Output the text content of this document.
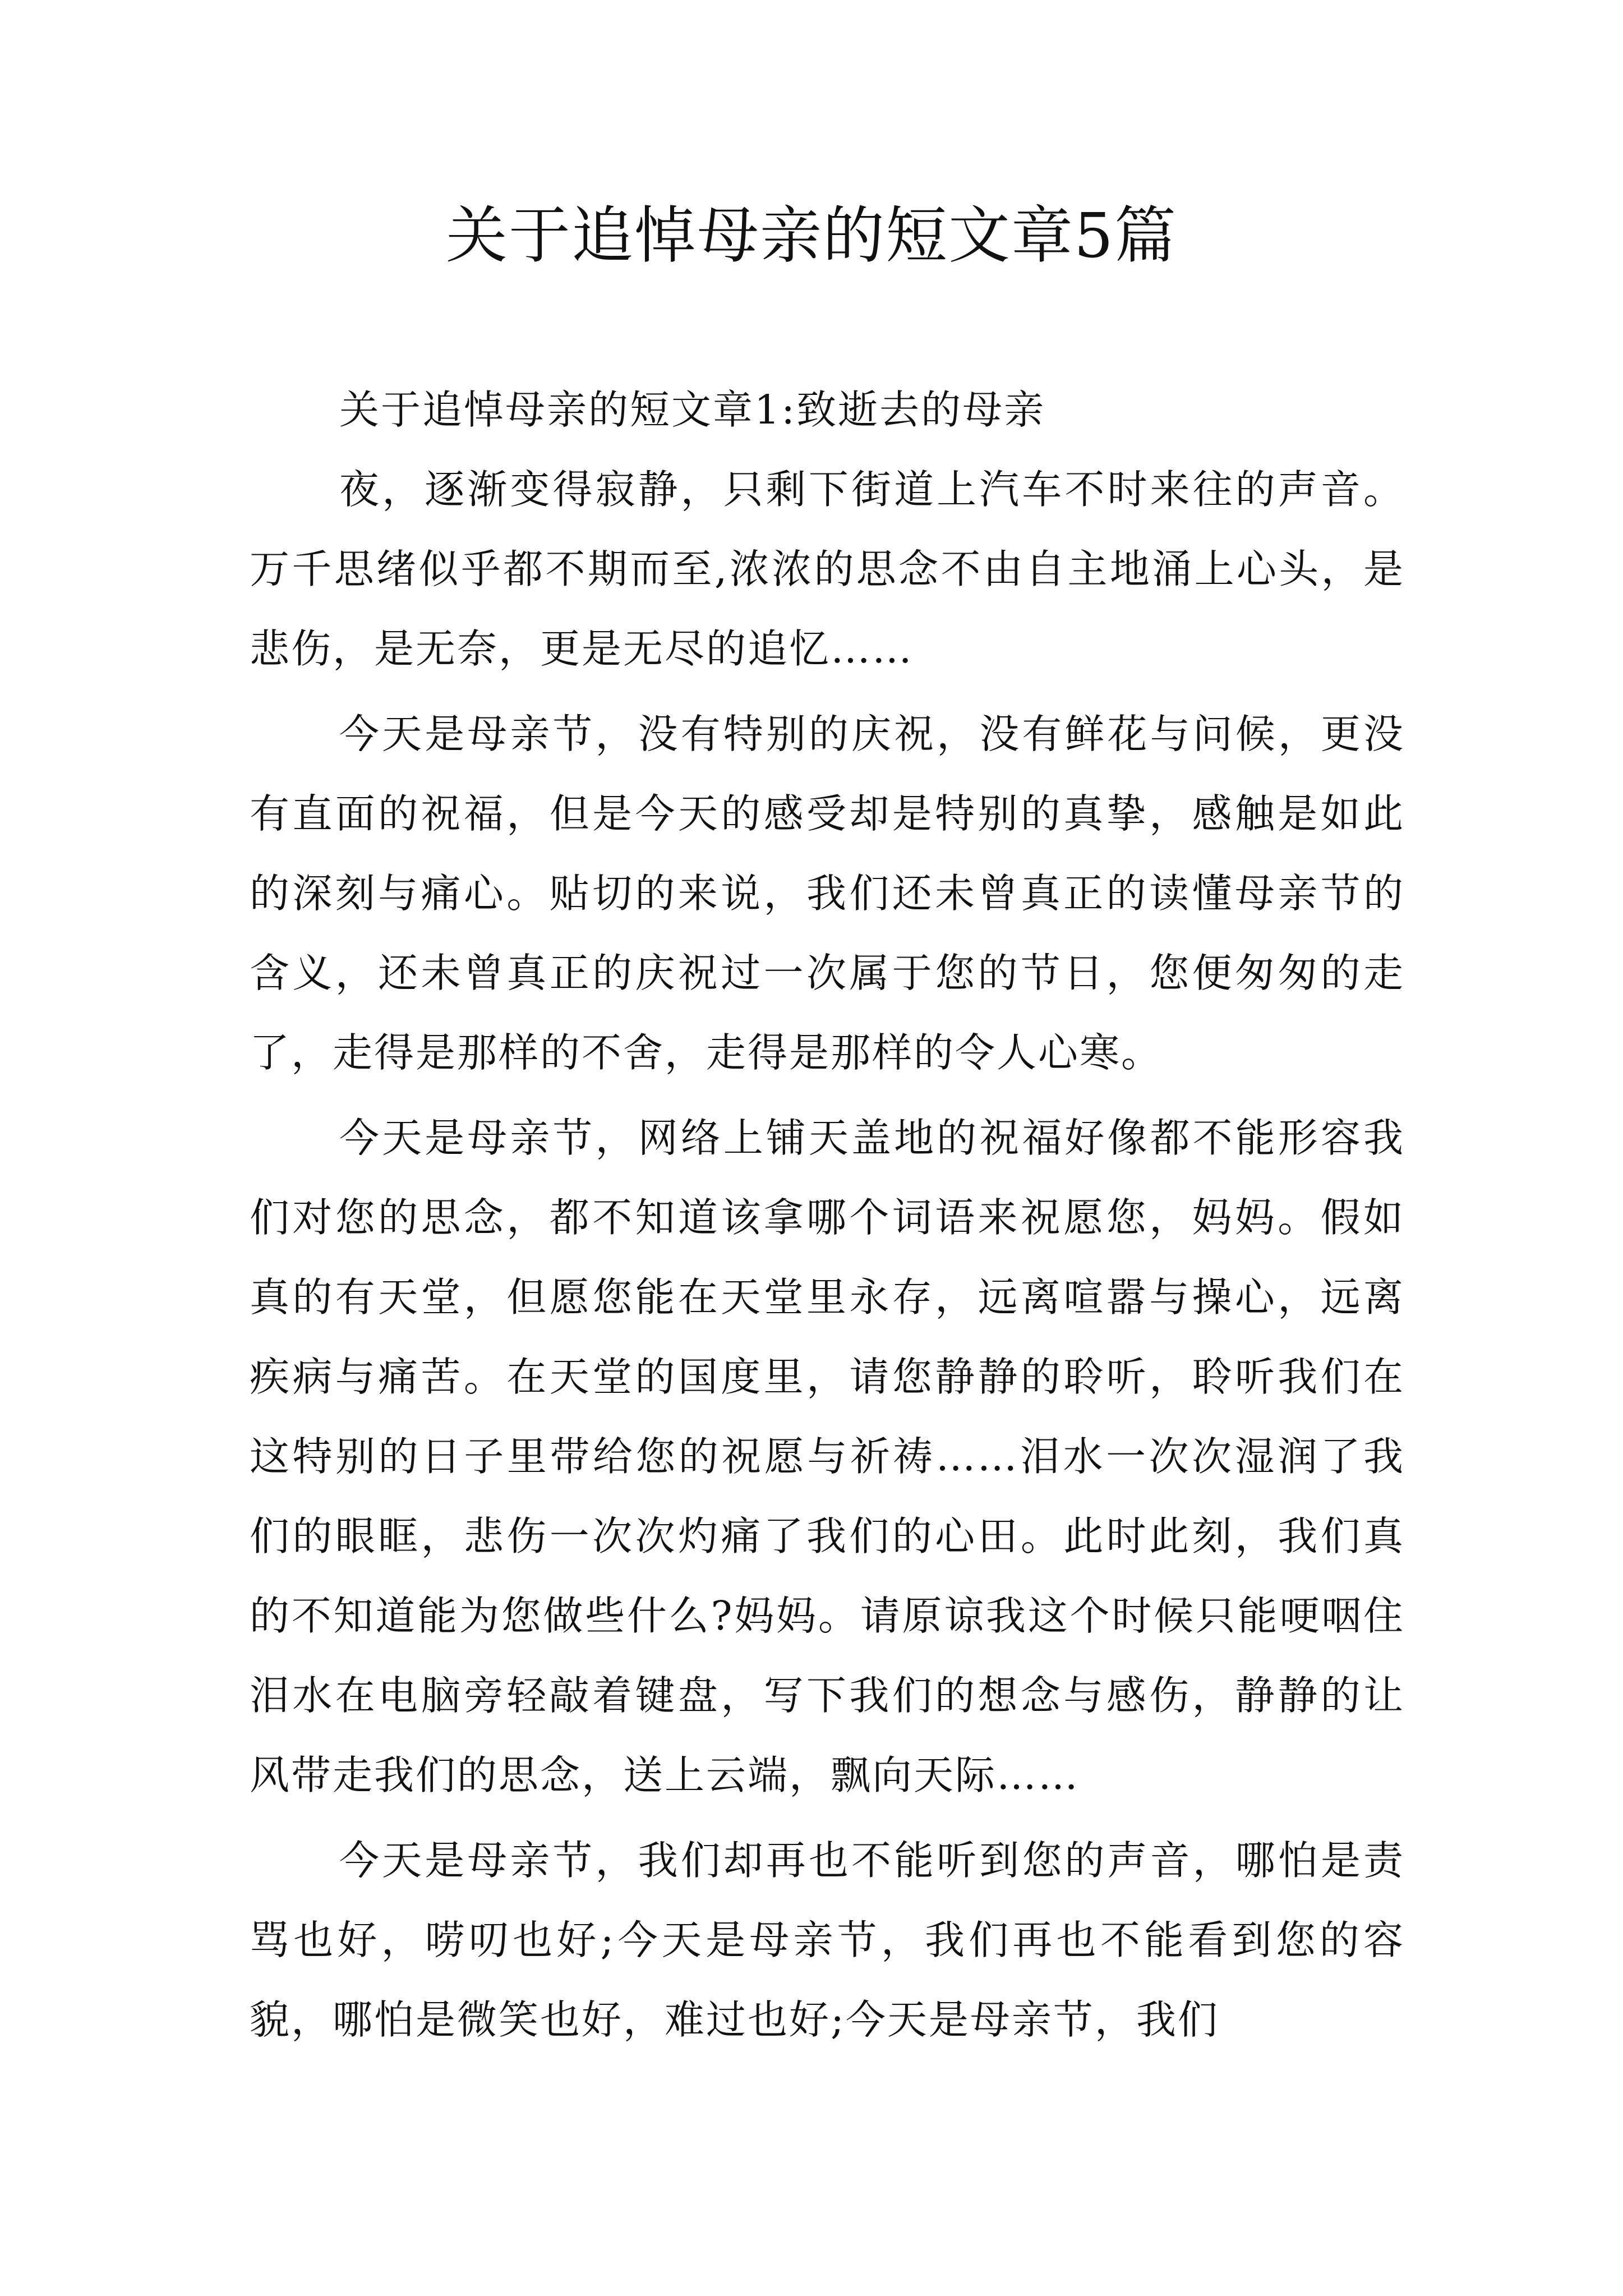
关于追悼母亲的短文章5篇
关于追悼母亲的短文章1:致逝去的母亲

夜，逐渐变得寂静，只剩下街道上汽车不时来往的声音。万千思绪似乎都不期而至,浓浓的思念不由自主地涌上心头，是悲伤，是无奈，更是无尽的追忆……

今天是母亲节，没有特别的庆祝，没有鲜花与问候，更没有直面的祝福，但是今天的感受却是特别的真挚，感触是如此的深刻与痛心。贴切的来说，我们还未曾真正的读懂母亲节的含义，还未曾真正的庆祝过一次属于您的节日，您便匆匆的走了，走得是那样的不舍，走得是那样的令人心寒。

今天是母亲节，网络上铺天盖地的祝福好像都不能形容我们对您的思念，都不知道该拿哪个词语来祝愿您，妈妈。假如真的有天堂，但愿您能在天堂里永存，远离喧嚣与操心，远离疾病与痛苦。在天堂的国度里，请您静静的聆听，聆听我们在这特别的日子里带给您的祝愿与祈祷……泪水一次次湿润了我们的眼眶，悲伤一次次灼痛了我们的心田。此时此刻，我们真的不知道能为您做些什么?妈妈。请原谅我这个时候只能哽咽住泪水在电脑旁轻敲着键盘，写下我们的想念与感伤，静静的让风带走我们的思念，送上云端，飘向天际……

今天是母亲节，我们却再也不能听到您的声音，哪怕是责骂也好，唠叨也好;今天是母亲节，我们再也不能看到您的容貌，哪怕是微笑也好，难过也好;今天是母亲节，我们
